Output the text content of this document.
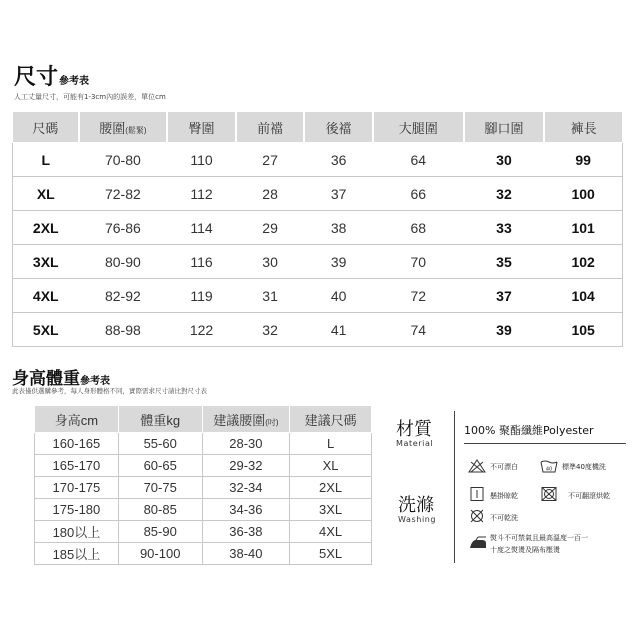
尺寸參考表
人工丈量尺寸，可能有1-3cm內的誤差，單位cm
尺碼	腰圍(鬆緊)	臀圍	前襠	後襠	大腿圍	腳口圍	褲長
L	70-80	110	27	36	64	30	99
XL	72-82	112	28	37	66	32	100
2XL	76-86	114	29	38	68	33	101
3XL	80-90	116	30	39	70	35	102
4XL	82-92	119	31	40	72	37	104
5XL	88-98	122	32	41	74	39	105
身高體重參考表
此表僅供選購參考，每人身形體格不同，實際需求尺寸請比對尺寸表
身高cm	體重kg	建議腰圍(吋)	建議尺碼
160-165	55-60	28-30	L
165-170	60-65	29-32	XL
170-175	70-75	32-34	2XL
175-180	80-85	34-36	3XL
180以上	85-90	36-38	4XL
185以上	90-100	38-40	5XL
材質
Material
100% 聚酯纖維Polyester
洗滌
Washing
不可漂白	40 標準40度機洗
懸掛晾乾	不可翻滾烘乾
不可乾洗
熨斗不可禁氣且最高溫度一百一
十度之熨燙及隔布壓燙
